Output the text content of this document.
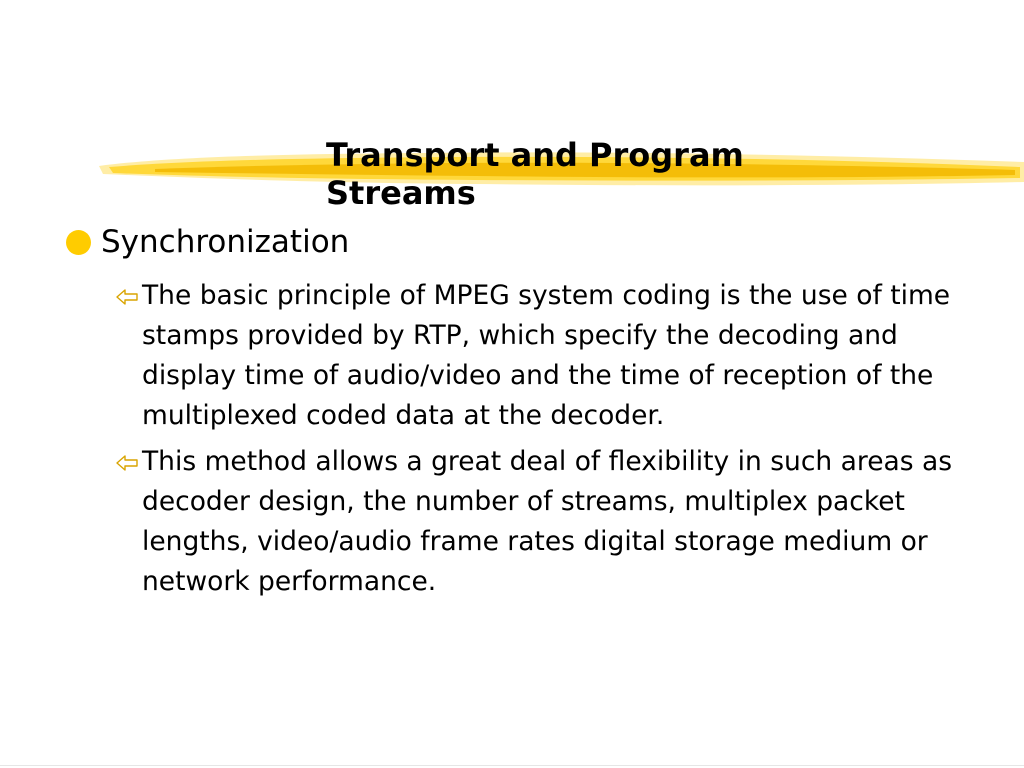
Transport and Program Streams
Synchronization
The basic principle of MPEG system coding is the use of time stamps provided by RTP, which specify the decoding and display time of audio/video and the time of reception of the multiplexed coded data at the decoder.
This method allows a great deal of flexibility in such areas as decoder design, the number of streams, multiplex packet lengths, video/audio frame rates digital storage medium or network performance.
